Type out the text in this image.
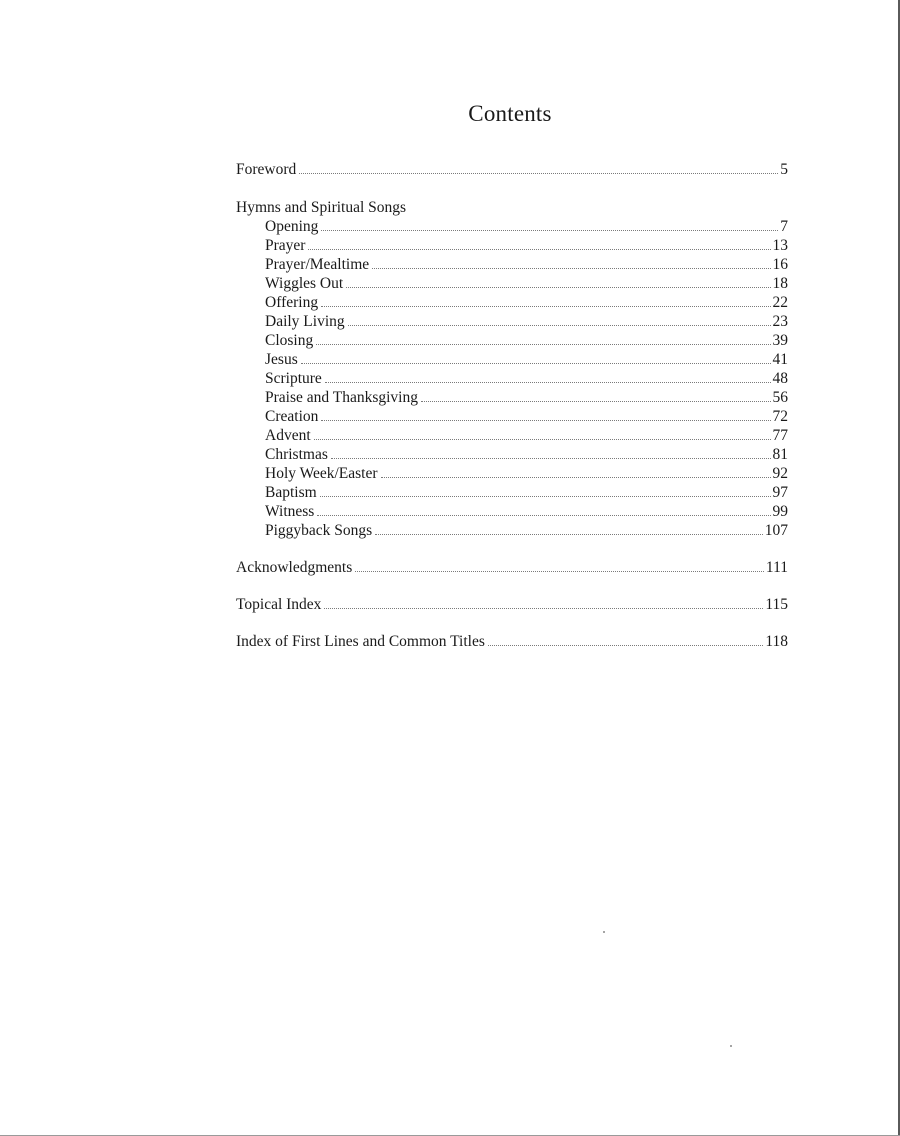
Contents
Foreword	5
Hymns and Spiritual Songs
Opening	7
Prayer	13
Prayer/Mealtime	16
Wiggles Out	18
Offering	22
Daily Living	23
Closing	39
Jesus	41
Scripture	48
Praise and Thanksgiving	56
Creation	72
Advent	77
Christmas	81
Holy Week/Easter	92
Baptism	97
Witness	99
Piggyback Songs	107
Acknowledgments	111
Topical Index	115
Index of First Lines and Common Titles	118
